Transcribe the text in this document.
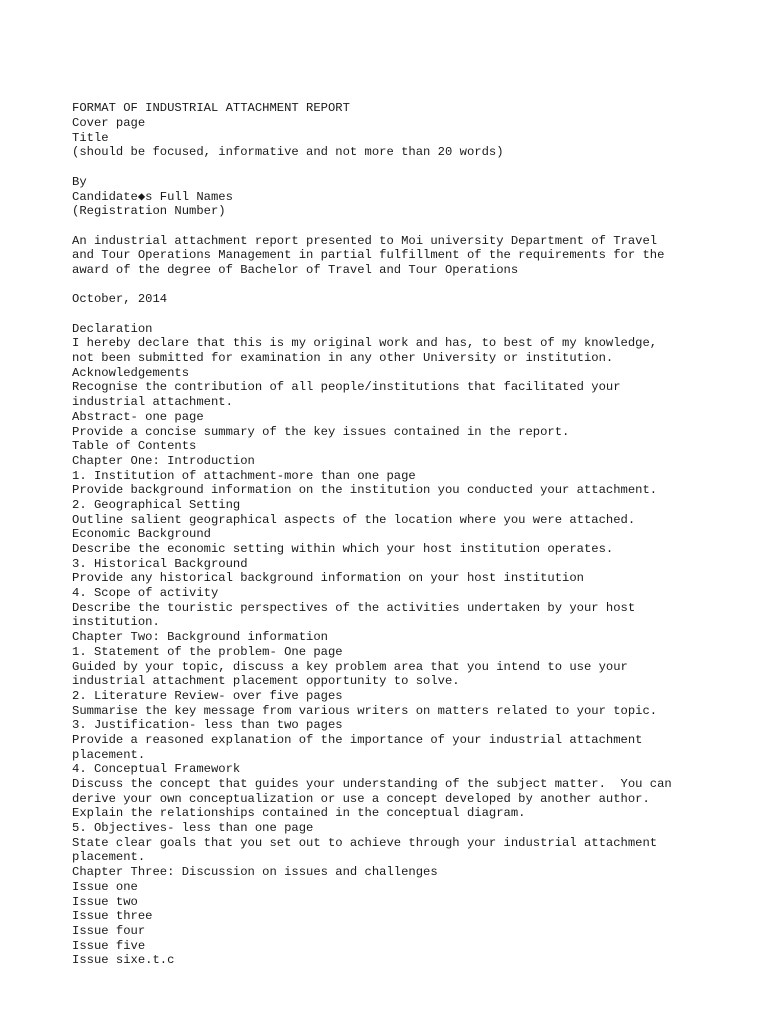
FORMAT OF INDUSTRIAL ATTACHMENT REPORT
Cover page
Title
(should be focused, informative and not more than 20 words)
By
Candidate◆s Full Names
(Registration Number)
An industrial attachment report presented to Moi university Department of Travel
and Tour Operations Management in partial fulfillment of the requirements for the
award of the degree of Bachelor of Travel and Tour Operations
October, 2014
Declaration
I hereby declare that this is my original work and has, to best of my knowledge,
not been submitted for examination in any other University or institution.
Acknowledgements
Recognise the contribution of all people/institutions that facilitated your
industrial attachment.
Abstract- one page
Provide a concise summary of the key issues contained in the report.
Table of Contents
Chapter One: Introduction
1. Institution of attachment-more than one page
Provide background information on the institution you conducted your attachment.
2. Geographical Setting
Outline salient geographical aspects of the location where you were attached.
Economic Background
Describe the economic setting within which your host institution operates.
3. Historical Background
Provide any historical background information on your host institution
4. Scope of activity
Describe the touristic perspectives of the activities undertaken by your host
institution.
Chapter Two: Background information
1. Statement of the problem- One page
Guided by your topic, discuss a key problem area that you intend to use your
industrial attachment placement opportunity to solve.
2. Literature Review- over five pages
Summarise the key message from various writers on matters related to your topic.
3. Justification- less than two pages
Provide a reasoned explanation of the importance of your industrial attachment
placement.
4. Conceptual Framework
Discuss the concept that guides your understanding of the subject matter.  You can
derive your own conceptualization or use a concept developed by another author.
Explain the relationships contained in the conceptual diagram.
5. Objectives- less than one page
State clear goals that you set out to achieve through your industrial attachment
placement.
Chapter Three: Discussion on issues and challenges
Issue one
Issue two
Issue three
Issue four
Issue five
Issue sixe.t.c
